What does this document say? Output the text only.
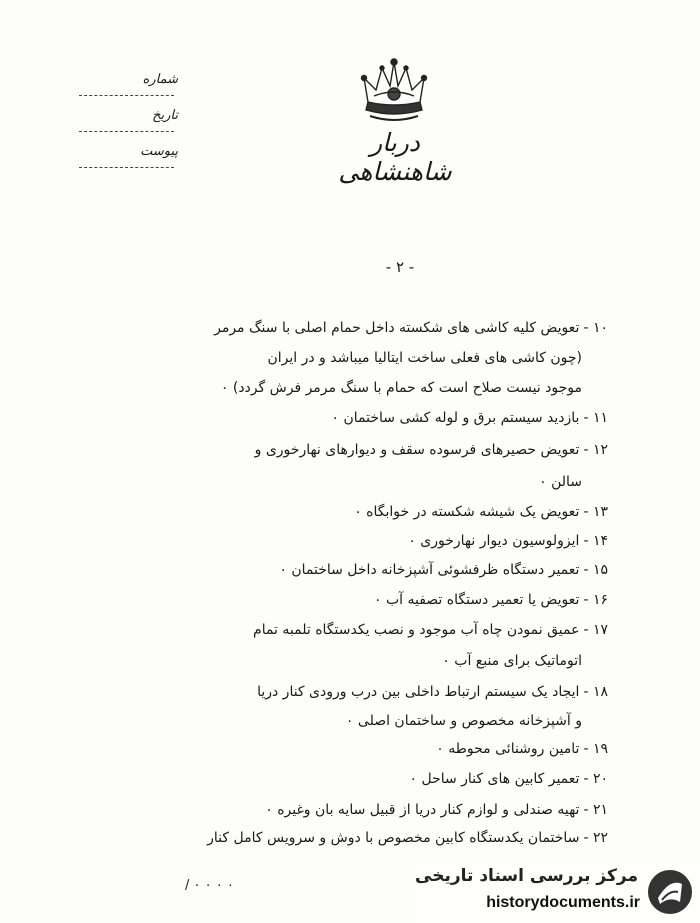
دربار شاهنشاهی
شماره
تاریخ
پیوست
- ۲ -
۱۰ -تعویض کلیه کاشی های شکسته داخل حمام اصلی با سنگ مرمر
(چون کاشی های فعلی ساخت ایتالیا میباشد و در ایران
موجود نیست صلاح است که حمام با سنگ مرمر فرش گردد) ۰
۱۱ -بازدید سیستم برق و لوله کشی ساختمان ۰
۱۲ -تعویض حصیرهای فرسوده سقف و دیوارهای نهارخوری و
سالن ۰
۱۳ -تعویض یک شیشه شکسته در خوابگاه ۰
۱۴ -ایزولوسیون دیوار نهارخوری ۰
۱۵ -تعمیر دستگاه ظرفشوئی آشپزخانه داخل ساختمان ۰
۱۶ -تعویض یا تعمیر دستگاه تصفیه آب ۰
۱۷ -عمیق نمودن چاه آب موجود و نصب یکدستگاه تلمبه تمام
اتوماتیک برای منبع آب ۰
۱۸ -ایجاد یک سیستم ارتباط داخلی بین درب ورودی کنار دریا
و آشپزخانه مخصوص و ساختمان اصلی ۰
۱۹ -تامین روشنائی محوطه ۰
۲۰ -تعمیر کابین های کنار ساحل ۰
۲۱ -تهیه صندلی و لوازم کنار دریا از قبیل سایه بان وغیره ۰
۲۲ -ساختمان یکدستگاه کابین مخصوص با دوش و سرویس کامل کنار
/ ۰ ۰ ۰ ۰	مرکز بررسی اسناد تاریخی
historydocuments.ir
